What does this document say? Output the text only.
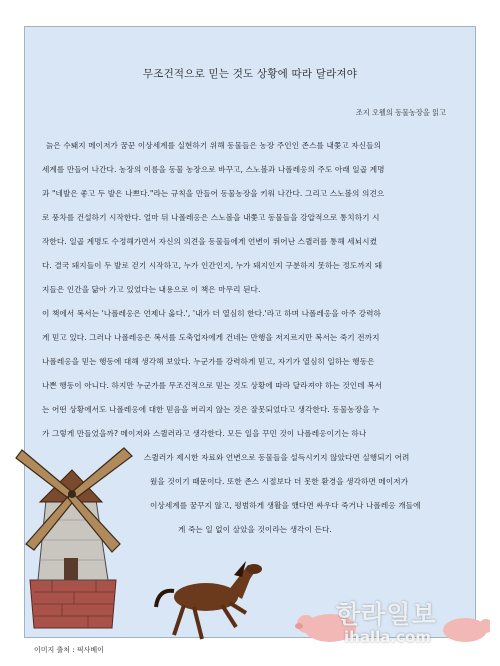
무조건적으로 믿는 것도 상황에 따라 달라져야
조지 오웰의 동물농장을 읽고
늙은 수퇘지 메이저가 꿈꾼 이상세계를 실현하기 위해 동물들은 농장 주인인 존스를 내쫓고 자신들의
세계를 만들어 나간다. 농장의 이름을 동물 농장으로 바꾸고, 스노볼과 나폴레옹의 주도 아래 일곱 계명
과 "네발은 좋고 두 발은 나쁘다."라는 규칙을 만들어 동물농장을 키워 나간다. 그리고 스노볼의 의견으
로 풍차를 건설하기 시작한다. 얼마 뒤 나폴레옹은 스노볼을 내쫓고 동물들을 강압적으로 통치하기 시
작한다. 일곱 계명도 수정해가면서 자신의 의견을 동물들에게 언변이 뛰어난 스퀼러를 통해 세뇌시켰
다. 결국 돼지들이 두 발로 걷기 시작하고, 누가 인간인지, 누가 돼지인지 구분하지 못하는 정도까지 돼
지들은 인간을 닮아 가고 있었다는 내용으로 이 책은 마무리 된다.
이 책에서 복서는 '나폴레옹은 언제나 옳다.', '내가 더 열심히 한다.'라고 하며 나폴레옹을 아주 강력하
게 믿고 있다. 그러나 나폴레옹은 복서를 도축업자에게 건네는 만행을 저지르지만 복서는 죽기 전까지
나폴레옹을 믿는 행동에 대해 생각해 보았다. 누군가를 강력하게 믿고, 자기가 열심히 일하는 행동은
나쁜 행동이 아니다. 하지만 누군가를 무조건적으로 믿는 것도 상황에 따라 달라져야 하는 것인데 복서
는 어떤 상황에서도 나폴레옹에 대한 믿음을 버리지 않는 것은 잘못되었다고 생각한다. 동물농장을 누
가 그렇게 만들었을까? 메이저와 스퀼러라고 생각한다. 모든 일을 꾸민 것이 나폴레옹이기는 하나
스퀼러가 제시한 자료와 언변으로 동물들을 설득시키지 않았다면 실행되기 어려
웠을 것이기 때문이다. 또한 존스 시절보다 더 못한 환경을 생각하면 메이저가
이상세계를 꿈꾸지 않고, 평범하게 생활을 했다면 싸우다 죽거나 나폴레옹 개들에
게 죽는 일 없이 살았을 것이라는 생각이 든다.
한라일보
ihalla.com
이미지 출처 : 픽사베이
